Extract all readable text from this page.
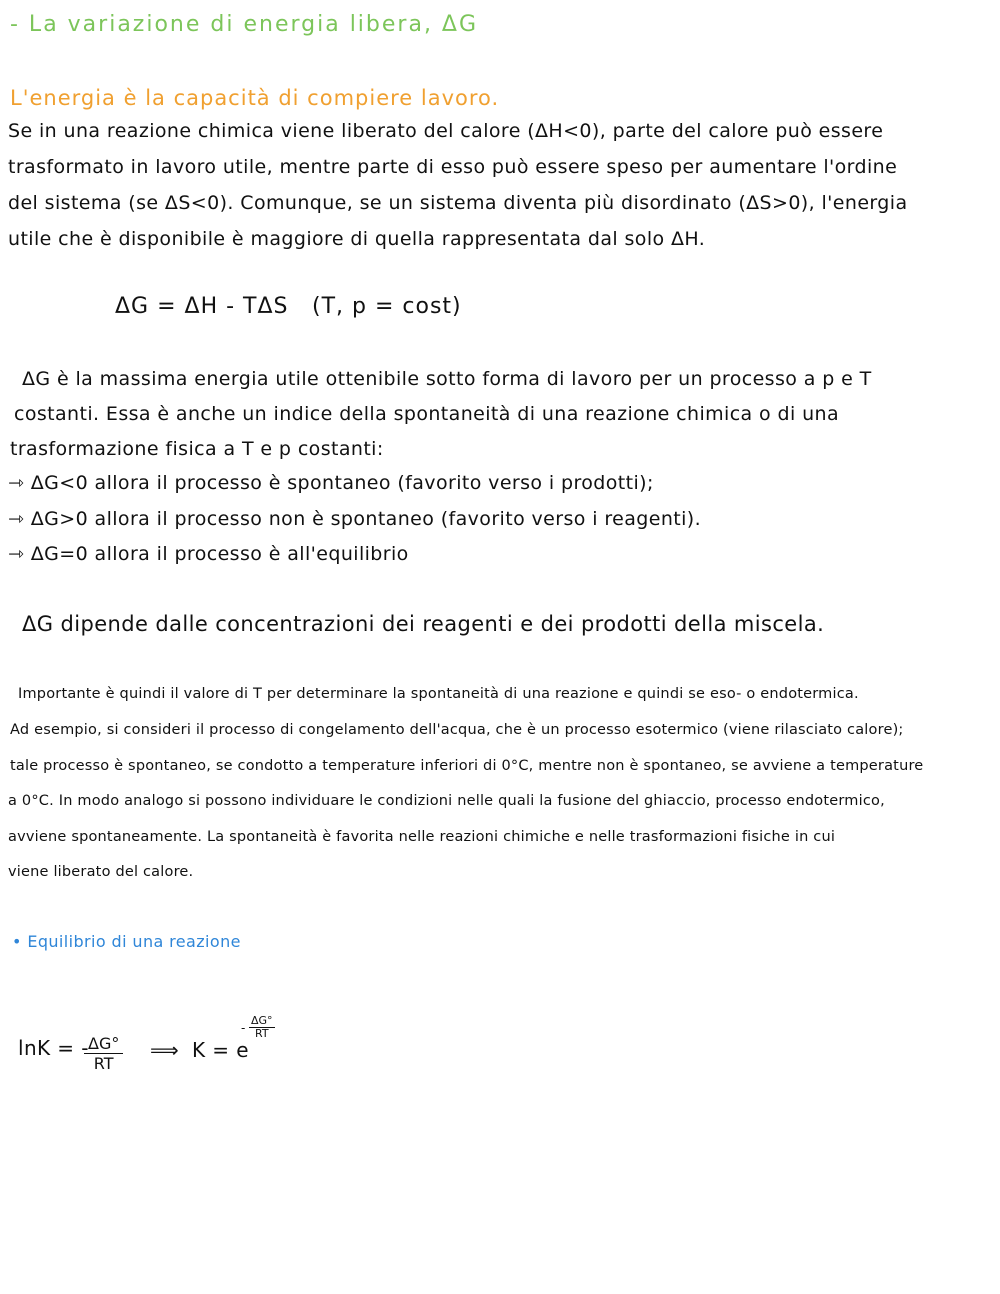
- La variazione di energia libera, ΔG
L'energia è la capacità di compiere lavoro.
Se in una reazione chimica viene liberato del calore (ΔH<0), parte del calore può essere
trasformato in lavoro utile, mentre parte di esso può essere speso per aumentare l'ordine
del sistema (se ΔS<0). Comunque, se un sistema diventa più disordinato (ΔS>0), l'energia
utile che è disponibile è maggiore di quella rappresentata dal solo ΔH.
ΔG = ΔH - TΔS (T, p = cost)
ΔG è la massima energia utile ottenibile sotto forma di lavoro per un processo a p e T
costanti. Essa è anche un indice della spontaneità di una reazione chimica o di una
trasformazione fisica a T e p costanti:
⇾ ΔG<0 allora il processo è spontaneo (favorito verso i prodotti);
⇾ ΔG>0 allora il processo non è spontaneo (favorito verso i reagenti).
⇾ ΔG=0 allora il processo è all'equilibrio
ΔG dipende dalle concentrazioni dei reagenti e dei prodotti della miscela.
Importante è quindi il valore di T per determinare la spontaneità di una reazione e quindi se eso- o endotermica.
Ad esempio, si consideri il processo di congelamento dell'acqua, che è un processo esotermico (viene rilasciato calore);
tale processo è spontaneo, se condotto a temperature inferiori di 0°C, mentre non è spontaneo, se avviene a temperature
a 0°C. In modo analogo si possono individuare le condizioni nelle quali la fusione del ghiaccio, processo endotermico,
avviene spontaneamente. La spontaneità è favorita nelle reazioni chimiche e nelle trasformazioni fisiche in cui
viene liberato del calore.
• Equilibrio di una reazione
lnK = -
$\frac{\Delta G^\circ}{RT}$ ⟹ K = e
- $\frac{\Delta G^\circ}{RT}$
